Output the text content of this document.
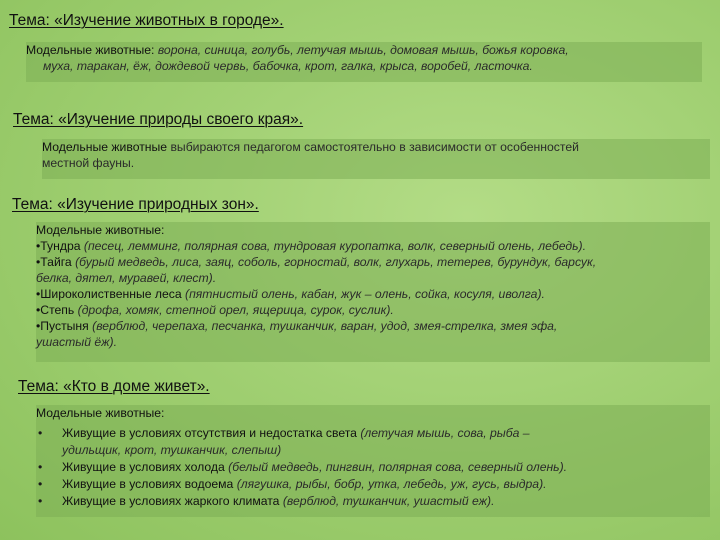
Тема: «Изучение животных в городе».
Модельные животные: ворона, синица, голубь, летучая мышь, домовая мышь, божья коровка,
муха, таракан, ёж, дождевой червь, бабочка, крот, галка, крыса, воробей, ласточка.
Тема: «Изучение природы своего края».
Модельные животные выбираются педагогом самостоятельно в зависимости от особенностей
местной фауны.
Тема: «Изучение природных зон».
Модельные животные:
•Тундра (песец, лемминг, полярная сова, тундровая куропатка, волк, северный олень, лебедь).
•Тайга (бурый медведь, лиса, заяц, соболь, горностай, волк, глухарь, тетерев, бурундук, барсук,
белка, дятел, муравей, клест).
•Широколиственные леса (пятнистый олень, кабан, жук – олень, сойка, косуля, иволга).
•Степь (дрофа, хомяк, степной орел, ящерица, сурок, суслик).
•Пустыня (верблюд, черепаха, песчанка, тушканчик, варан, удод, змея-стрелка, змея эфа,
ушастый ёж).
Тема: «Кто в доме живет».
Модельные животные:
• Живущие в условиях отсутствия и недостатка света (летучая мышь, сова, рыба –
удильщик, крот, тушканчик, слепыш)
• Живущие в условиях холода (белый медведь, пингвин, полярная сова, северный олень).
• Живущие в условиях водоема (лягушка, рыбы, бобр, утка, лебедь, уж, гусь, выдра).
• Живущие в условиях жаркого климата (верблюд, тушканчик, ушастый еж).
